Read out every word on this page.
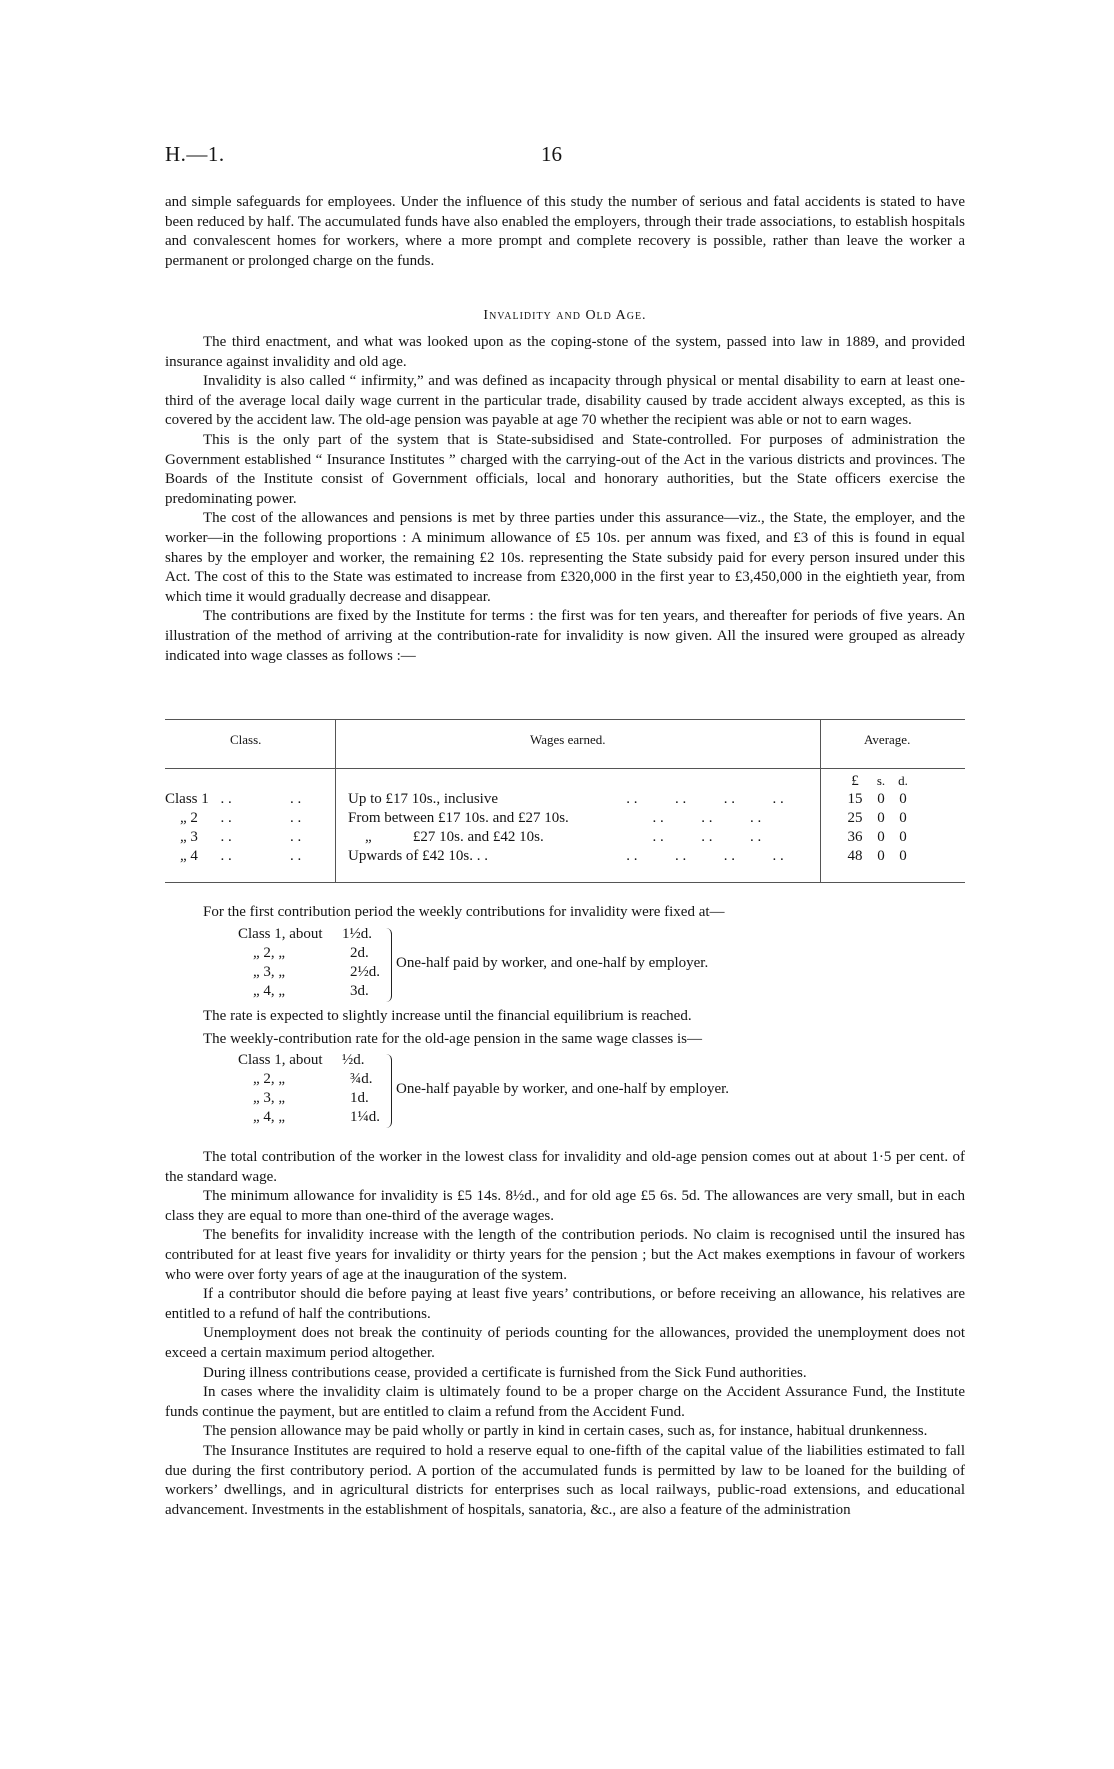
H.—1.	16

and simple safeguards for employees. Under the influence of this study the number of serious and fatal accidents is stated to have been reduced by half. The accumulated funds have also enabled the employers, through their trade associations, to establish hospitals and convalescent homes for workers, where a more prompt and complete recovery is possible, rather than leave the worker a permanent or prolonged charge on the funds.

Invalidity and Old Age.

The third enactment, and what was looked upon as the coping-stone of the system, passed into law in 1889, and provided insurance against invalidity and old age.

Invalidity is also called “ infirmity,” and was defined as incapacity through physical or mental disability to earn at least one-third of the average local daily wage current in the particular trade, disability caused by trade accident always excepted, as this is covered by the accident law. The old-age pension was payable at age 70 whether the recipient was able or not to earn wages.

This is the only part of the system that is State-subsidised and State-controlled. For purposes of administration the Government established “ Insurance Institutes ” charged with the carrying-out of the Act in the various districts and provinces. The Boards of the Institute consist of Government officials, local and honorary authorities, but the State officers exercise the predominating power.

The cost of the allowances and pensions is met by three parties under this assurance—viz., the State, the employer, and the worker—in the following proportions : A minimum allowance of £5 10s. per annum was fixed, and £3 of this is found in equal shares by the employer and worker, the remaining £2 10s. representing the State subsidy paid for every person insured under this Act. The cost of this to the State was estimated to increase from £320,000 in the first year to £3,450,000 in the eightieth year, from which time it would gradually decrease and disappear.

The contributions are fixed by the Institute for terms : the first was for ten years, and thereafter for periods of five years. An illustration of the method of arriving at the contribution-rate for invalidity is now given. All the insured were grouped as already indicated into wage classes as follows :—

Class.	Wages earned.	Average.
£	s. d.
Class 1 . .	. .	Up to £17 10s., inclusive	. .          . .          . .          . .	15 0 0
„ 2 . .	. .	From between £17 10s. and £27 10s. . .          . .          . .	25 0 0
„ 3 . .	. .	„           £27 10s. and £42 10s.	. .          . .          . .	36 0 0
„ 4 . .	. .	Upwards of £42 10s. . .	. .          . .          . .          . .	48 0 0
For the first contribution period the weekly contributions for invalidity were fixed at—
Class 1, about 1½d.
„ 2, „	2d.
„ 3, „	2½d.
„ 4, „	3d.
One-half paid by worker, and one-half by employer.
The rate is expected to slightly increase until the financial equilibrium is reached.
The weekly-contribution rate for the old-age pension in the same wage classes is—
Class 1, about ½d.
„ 2, „	¾d.
„ 3, „	1d.
„ 4, „	1¼d.
One-half payable by worker, and one-half by employer.

The total contribution of the worker in the lowest class for invalidity and old-age pension comes out at about 1·5 per cent. of the standard wage.

The minimum allowance for invalidity is £5 14s. 8½d., and for old age £5 6s. 5d. The allowances are very small, but in each class they are equal to more than one-third of the average wages.

The benefits for invalidity increase with the length of the contribution periods. No claim is recognised until the insured has contributed for at least five years for invalidity or thirty years for the pension ; but the Act makes exemptions in favour of workers who were over forty years of age at the inauguration of the system.

If a contributor should die before paying at least five years’ contributions, or before receiving an allowance, his relatives are entitled to a refund of half the contributions.

Unemployment does not break the continuity of periods counting for the allowances, provided the unemployment does not exceed a certain maximum period altogether.

During illness contributions cease, provided a certificate is furnished from the Sick Fund authorities.

In cases where the invalidity claim is ultimately found to be a proper charge on the Accident Assurance Fund, the Institute funds continue the payment, but are entitled to claim a refund from the Accident Fund.

The pension allowance may be paid wholly or partly in kind in certain cases, such as, for instance, habitual drunkenness.

The Insurance Institutes are required to hold a reserve equal to one-fifth of the capital value of the liabilities estimated to fall due during the first contributory period. A portion of the accumulated funds is permitted by law to be loaned for the building of workers’ dwellings, and in agricultural districts for enterprises such as local railways, public-road extensions, and educational advancement. Investments in the establishment of hospitals, sanatoria, &c., are also a feature of the administration
